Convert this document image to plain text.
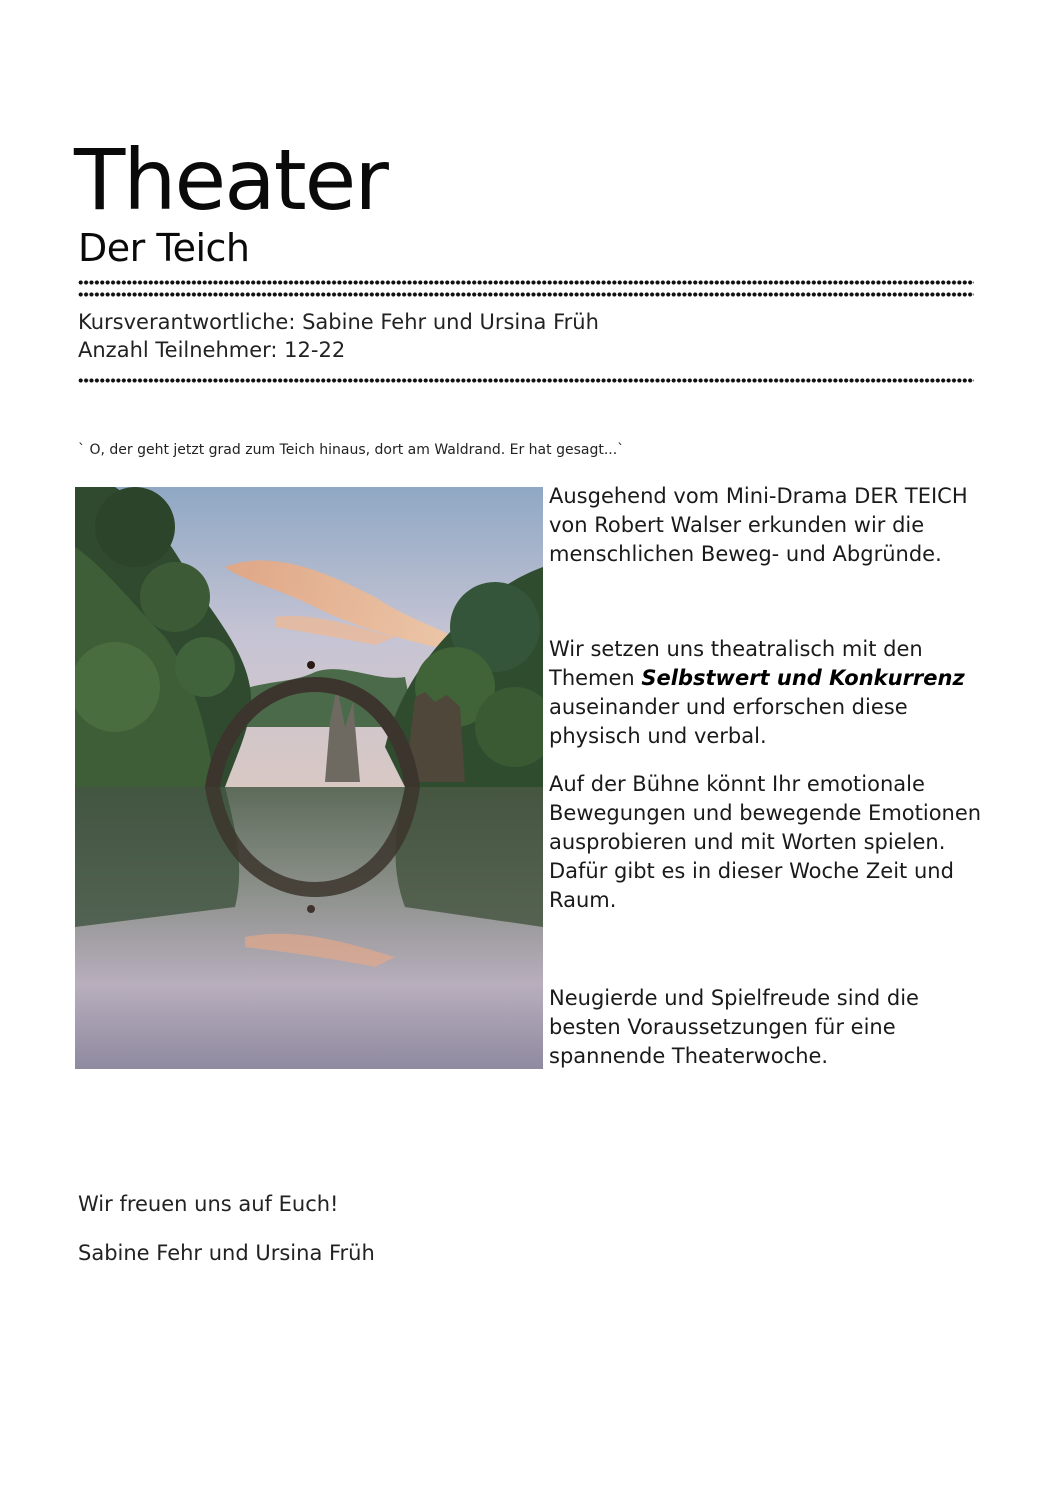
Theater
Der Teich

Kursverantwortliche: Sabine Fehr und Ursina Früh

Anzahl Teilnehmer: 12-22

` O, der geht jetzt grad zum Teich hinaus, dort am Waldrand. Er hat gesagt...`

Ausgehend vom Mini-Drama DER TEICH von Robert Walser erkunden wir die menschlichen Beweg- und Abgründe.

Wir setzen uns theatralisch mit den Themen Selbstwert und Konkurrenz auseinander und erforschen diese physisch und verbal.

Auf der Bühne könnt Ihr emotionale Bewegungen und bewegende Emotionen ausprobieren und mit Worten spielen. Dafür gibt es in dieser Woche Zeit und Raum.

Neugierde und Spielfreude sind die besten Voraussetzungen für eine spannende Theaterwoche.

Wir freuen uns auf Euch!

Sabine Fehr und Ursina Früh
